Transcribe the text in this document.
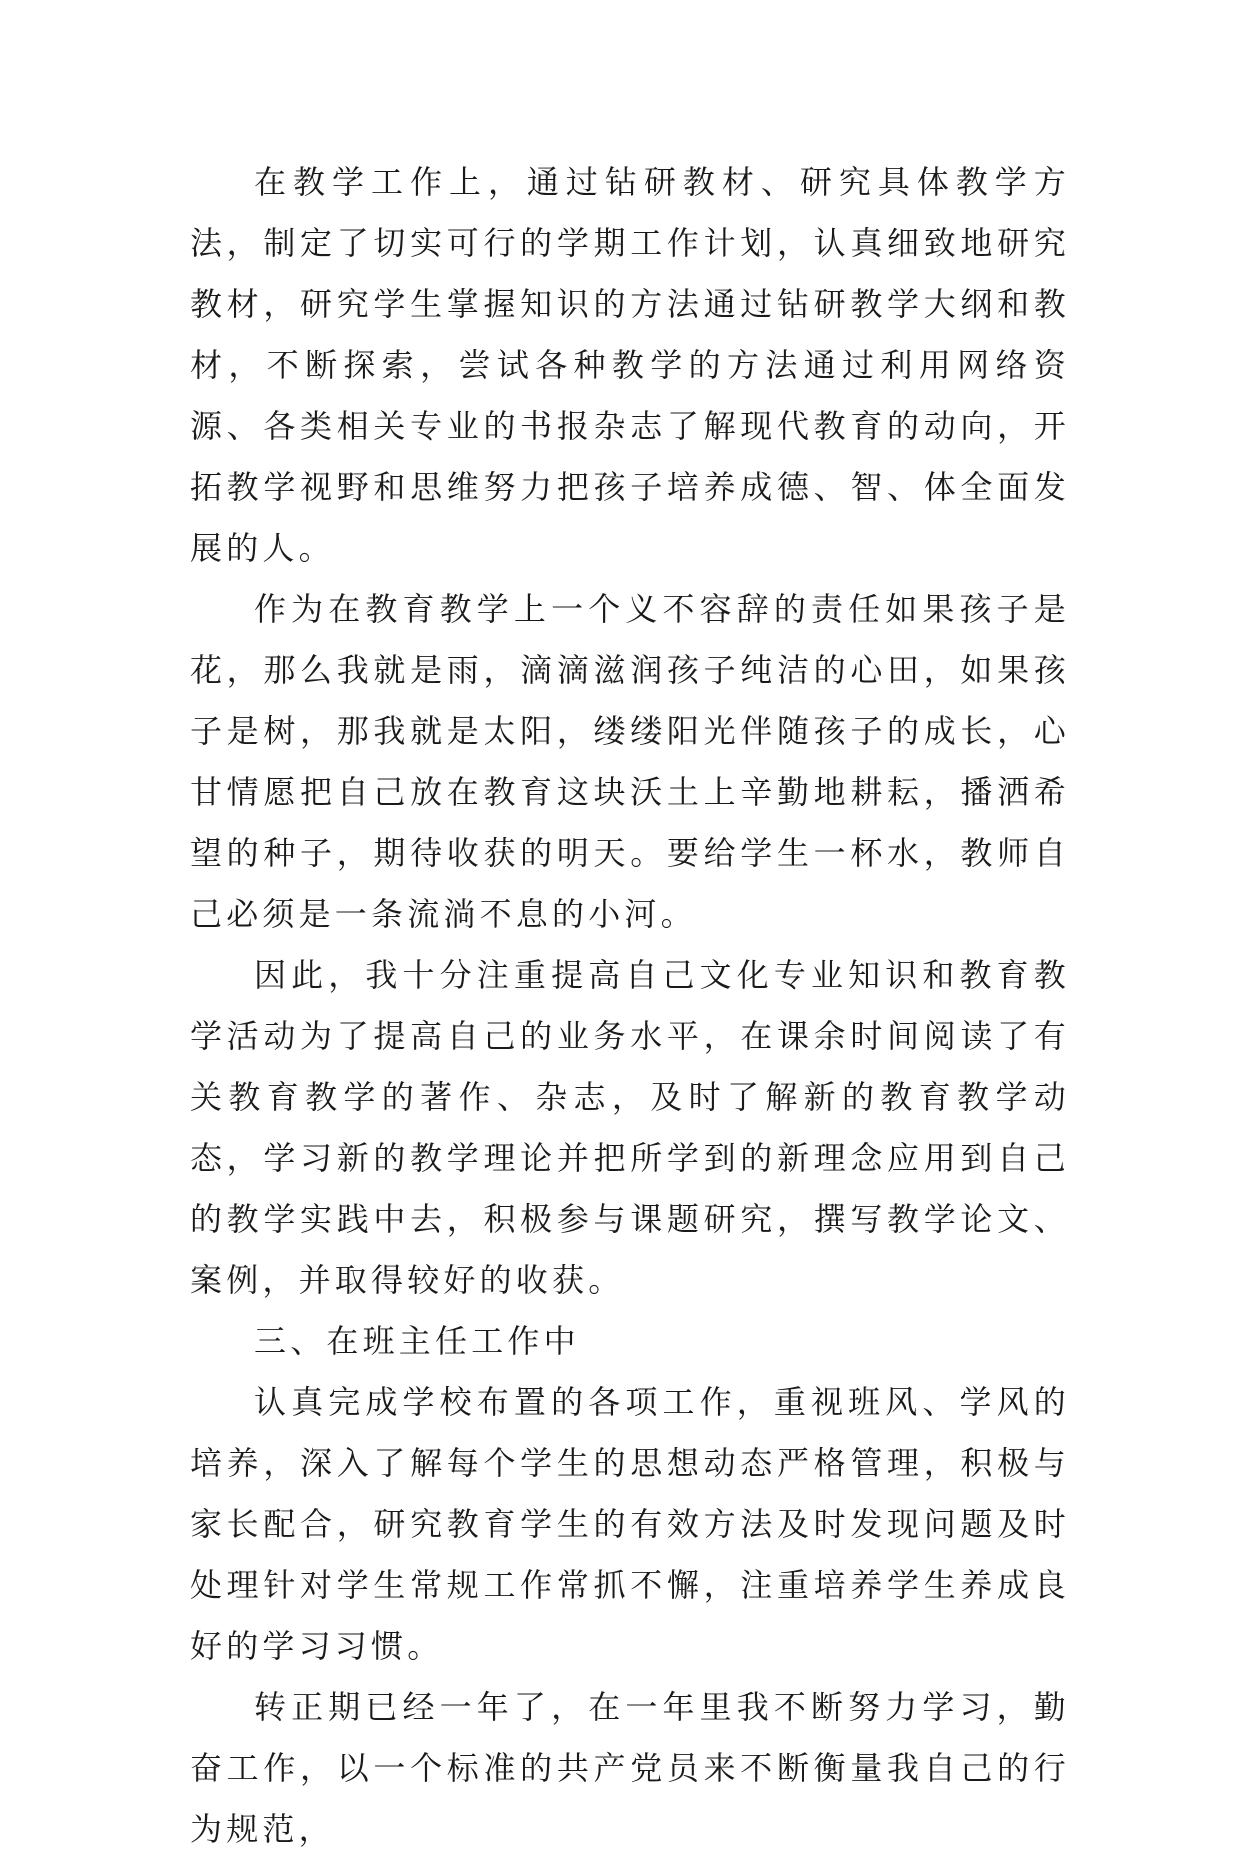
在教学工作上，通过钻研教材、研究具体教学方法，制定了切实可行的学期工作计划，认真细致地研究教材，研究学生掌握知识的方法通过钻研教学大纲和教材，不断探索，尝试各种教学的方法通过利用网络资源、各类相关专业的书报杂志了解现代教育的动向，开拓教学视野和思维努力把孩子培养成德、智、体全面发展的人。

作为在教育教学上一个义不容辞的责任如果孩子是花，那么我就是雨，滴滴滋润孩子纯洁的心田，如果孩子是树，那我就是太阳，缕缕阳光伴随孩子的成长，心甘情愿把自己放在教育这块沃土上辛勤地耕耘，播洒希望的种子，期待收获的明天。要给学生一杯水，教师自己必须是一条流淌不息的小河。

因此，我十分注重提高自己文化专业知识和教育教学活动为了提高自己的业务水平，在课余时间阅读了有关教育教学的著作、杂志，及时了解新的教育教学动态，学习新的教学理论并把所学到的新理念应用到自己的教学实践中去，积极参与课题研究，撰写教学论文、案例，并取得较好的收获。

三、在班主任工作中

认真完成学校布置的各项工作，重视班风、学风的培养，深入了解每个学生的思想动态严格管理，积极与家长配合，研究教育学生的有效方法及时发现问题及时处理针对学生常规工作常抓不懈，注重培养学生养成良好的学习习惯。

转正期已经一年了，在一年里我不断努力学习，勤奋工作，以一个标准的共产党员来不断衡量我自己的行为规范，
